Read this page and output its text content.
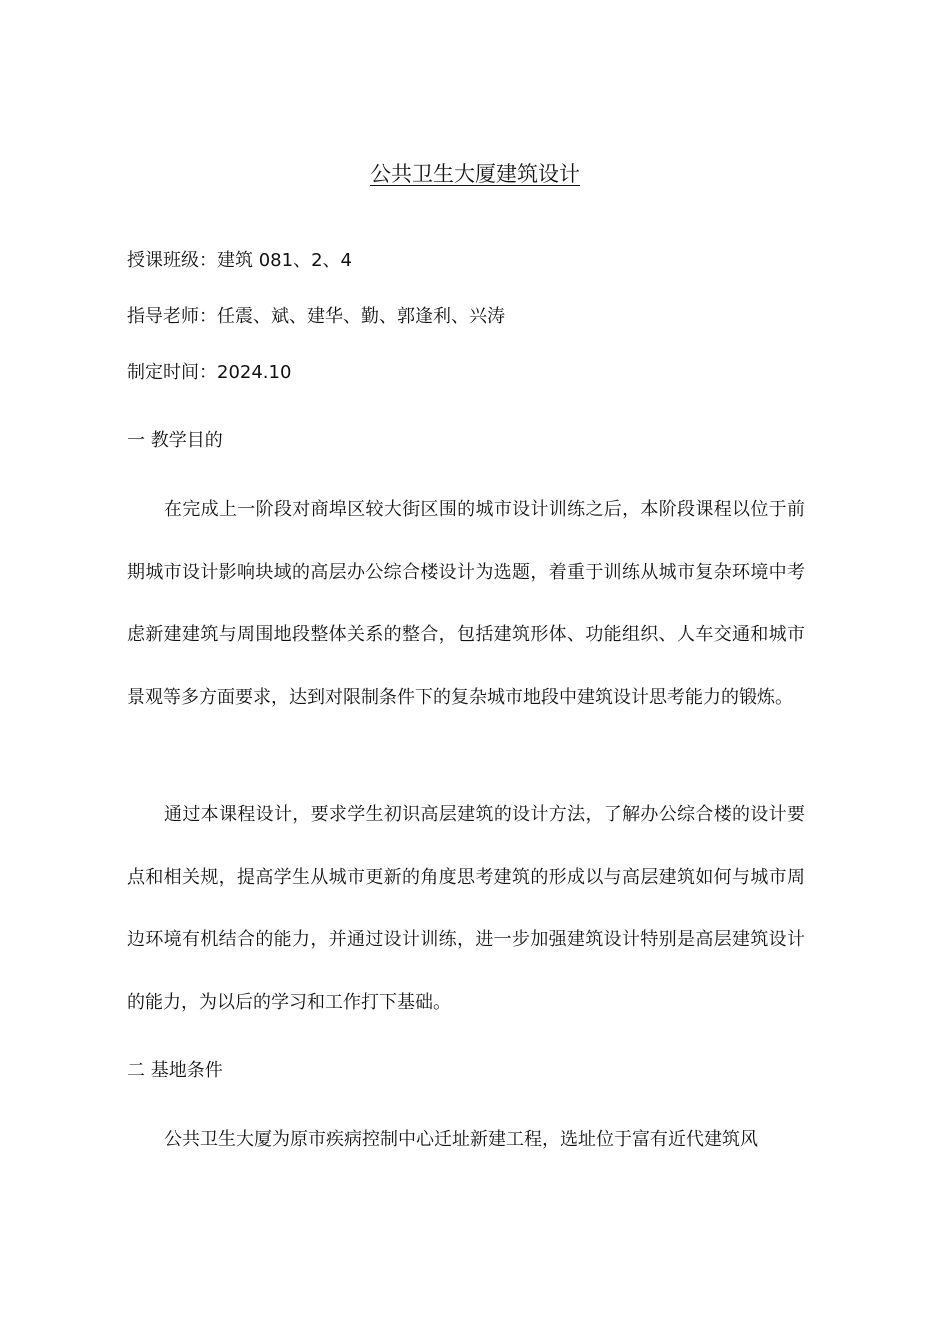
公共卫生大厦建筑设计
授课班级：建筑 081、2、4
指导老师：任震、斌、建华、勤、郭逢利、兴涛
制定时间：2024.10
一 教学目的

在完成上一阶段对商埠区较大街区围的城市设计训练之后，本阶段课程以位于前期城市设计影响块域的高层办公综合楼设计为选题，着重于训练从城市复杂环境中考虑新建建筑与周围地段整体关系的整合，包括建筑形体、功能组织、人车交通和城市景观等多方面要求，达到对限制条件下的复杂城市地段中建筑设计思考能力的锻炼。

通过本课程设计，要求学生初识高层建筑的设计方法，了解办公综合楼的设计要点和相关规，提高学生从城市更新的角度思考建筑的形成以与高层建筑如何与城市周边环境有机结合的能力，并通过设计训练，进一步加强建筑设计特别是高层建筑设计的能力，为以后的学习和工作打下基础。

二 基地条件

公共卫生大厦为原市疾病控制中心迁址新建工程，选址位于富有近代建筑风
